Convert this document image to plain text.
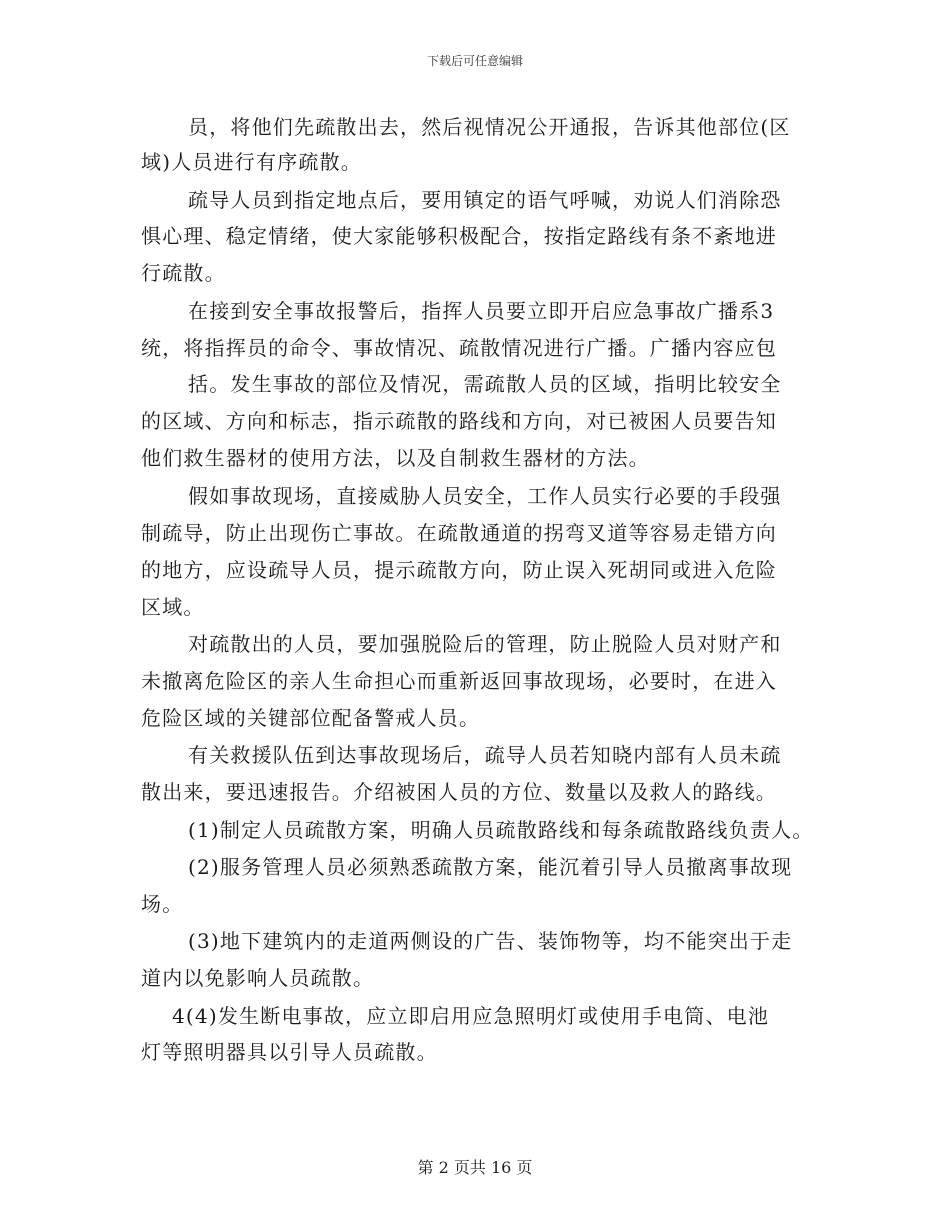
下载后可任意编辑
员，将他们先疏散出去，然后视情况公开通报，告诉其他部位(区
域)人员进行有序疏散。
疏导人员到指定地点后，要用镇定的语气呼喊，劝说人们消除恐
惧心理、稳定情绪，使大家能够积极配合，按指定路线有条不紊地进
行疏散。
在接到安全事故报警后，指挥人员要立即开启应急事故广播系3
统，将指挥员的命令、事故情况、疏散情况进行广播。广播内容应包
括。发生事故的部位及情况，需疏散人员的区域，指明比较安全
的区域、方向和标志，指示疏散的路线和方向，对已被困人员要告知
他们救生器材的使用方法，以及自制救生器材的方法。
假如事故现场，直接威胁人员安全，工作人员实行必要的手段强
制疏导，防止出现伤亡事故。在疏散通道的拐弯叉道等容易走错方向
的地方，应设疏导人员，提示疏散方向，防止误入死胡同或进入危险
区域。
对疏散出的人员，要加强脱险后的管理，防止脱险人员对财产和
未撤离危险区的亲人生命担心而重新返回事故现场，必要时，在进入
危险区域的关键部位配备警戒人员。
有关救援队伍到达事故现场后，疏导人员若知晓内部有人员未疏
散出来，要迅速报告。介绍被困人员的方位、数量以及救人的路线。
(1)制定人员疏散方案，明确人员疏散路线和每条疏散路线负责人。
(2)服务管理人员必须熟悉疏散方案，能沉着引导人员撤离事故现
场。
(3)地下建筑内的走道两侧设的广告、装饰物等，均不能突出于走
道内以免影响人员疏散。
4(4)发生断电事故，应立即启用应急照明灯或使用手电筒、电池
灯等照明器具以引导人员疏散。
第 2 页共 16 页
